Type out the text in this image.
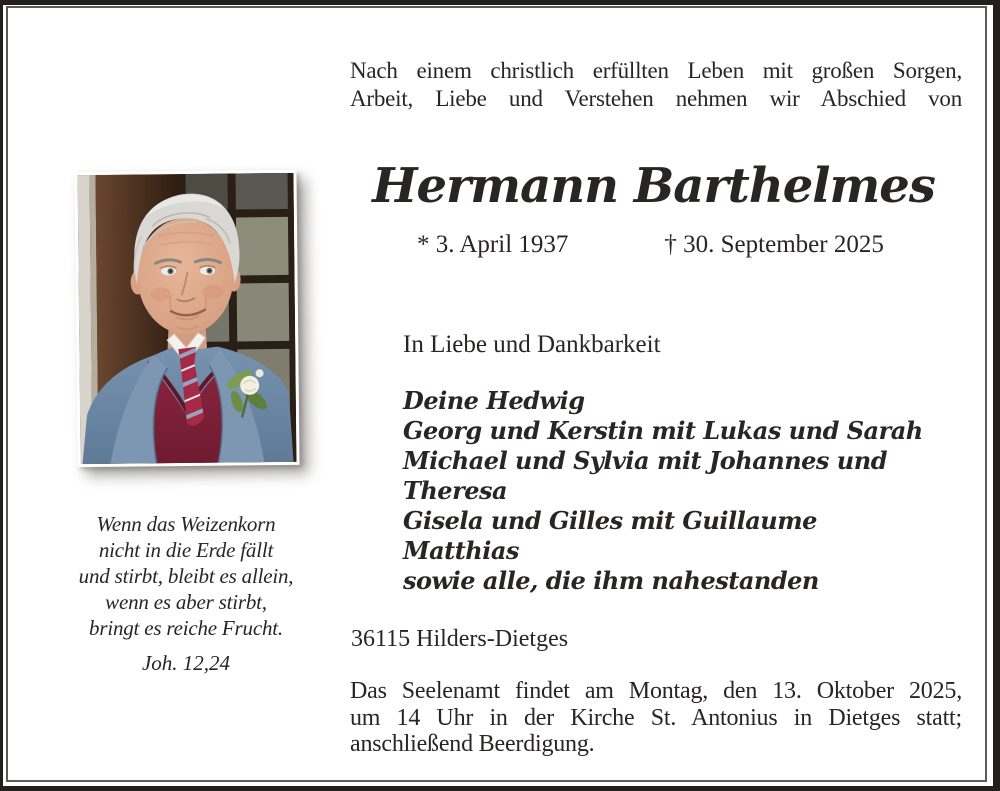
Nach einem christlich erfüllten Leben mit großen Sorgen,
Arbeit, Liebe und Verstehen nehmen wir Abschied von
Hermann Barthelmes
* 3. April 1937	† 30. September 2025
Wenn das Weizenkorn
nicht in die Erde fällt
und stirbt, bleibt es allein,
wenn es aber stirbt,
bringt es reiche Frucht.
Joh. 12,24
In Liebe und Dankbarkeit
Deine Hedwig
Georg und Kerstin mit Lukas und Sarah
Michael und Sylvia mit Johannes und Theresa
Gisela und Gilles mit Guillaume
Matthias
sowie alle, die ihm nahestanden
36115 Hilders-Dietges
Das Seelenamt findet am Montag, den 13. Oktober 2025,
um 14 Uhr in der Kirche St. Antonius in Dietges statt;
anschließend Beerdigung.
